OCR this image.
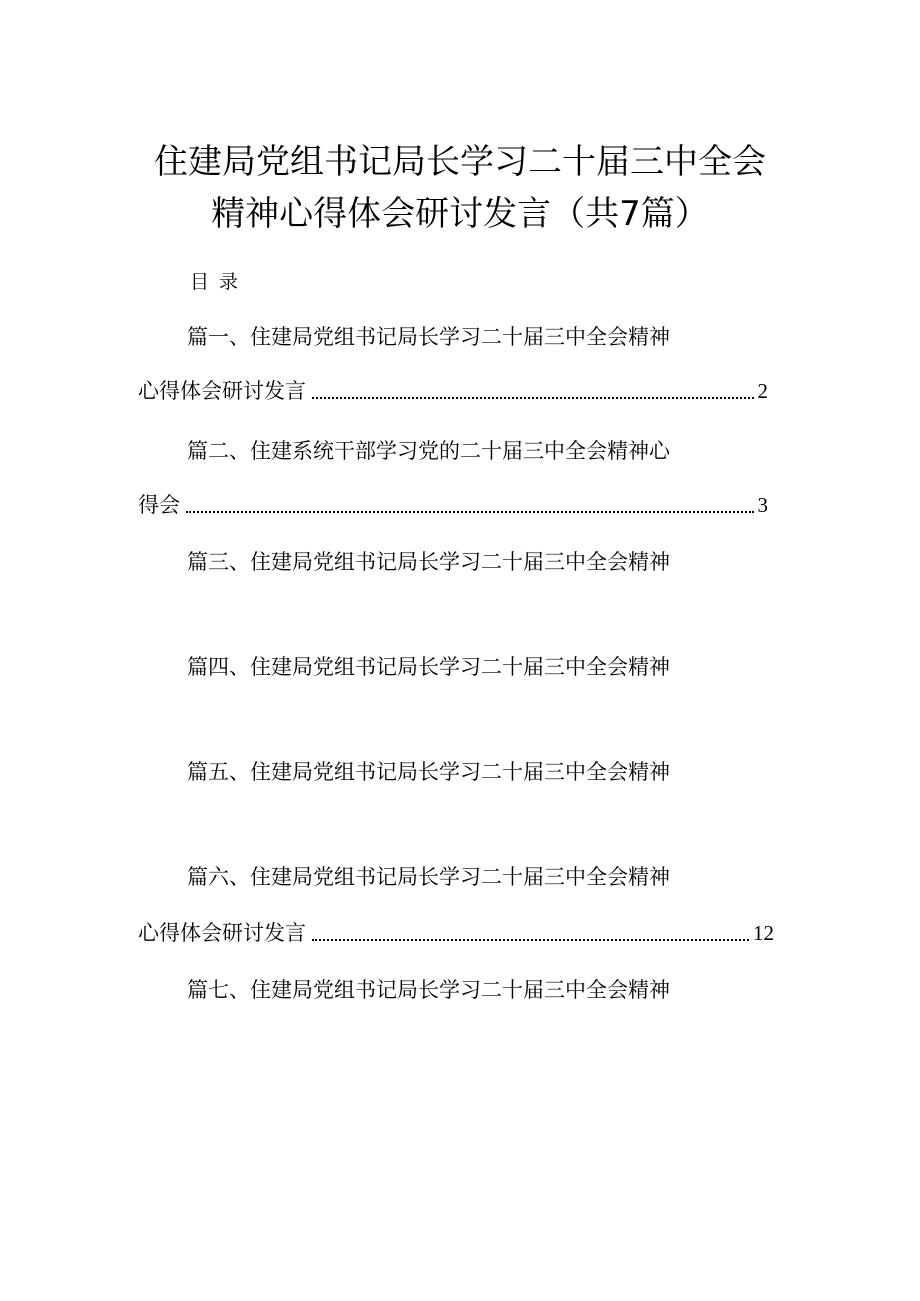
住建局党组书记局长学习二十届三中全会
精神心得体会研讨发言（共7篇）
目 录
篇一、住建局党组书记局长学习二十届三中全会精神
心得体会研讨发言	2
篇二、住建系统干部学习党的二十届三中全会精神心
得会	3
篇三、住建局党组书记局长学习二十届三中全会精神
篇四、住建局党组书记局长学习二十届三中全会精神
篇五、住建局党组书记局长学习二十届三中全会精神
篇六、住建局党组书记局长学习二十届三中全会精神
心得体会研讨发言	12
篇七、住建局党组书记局长学习二十届三中全会精神
